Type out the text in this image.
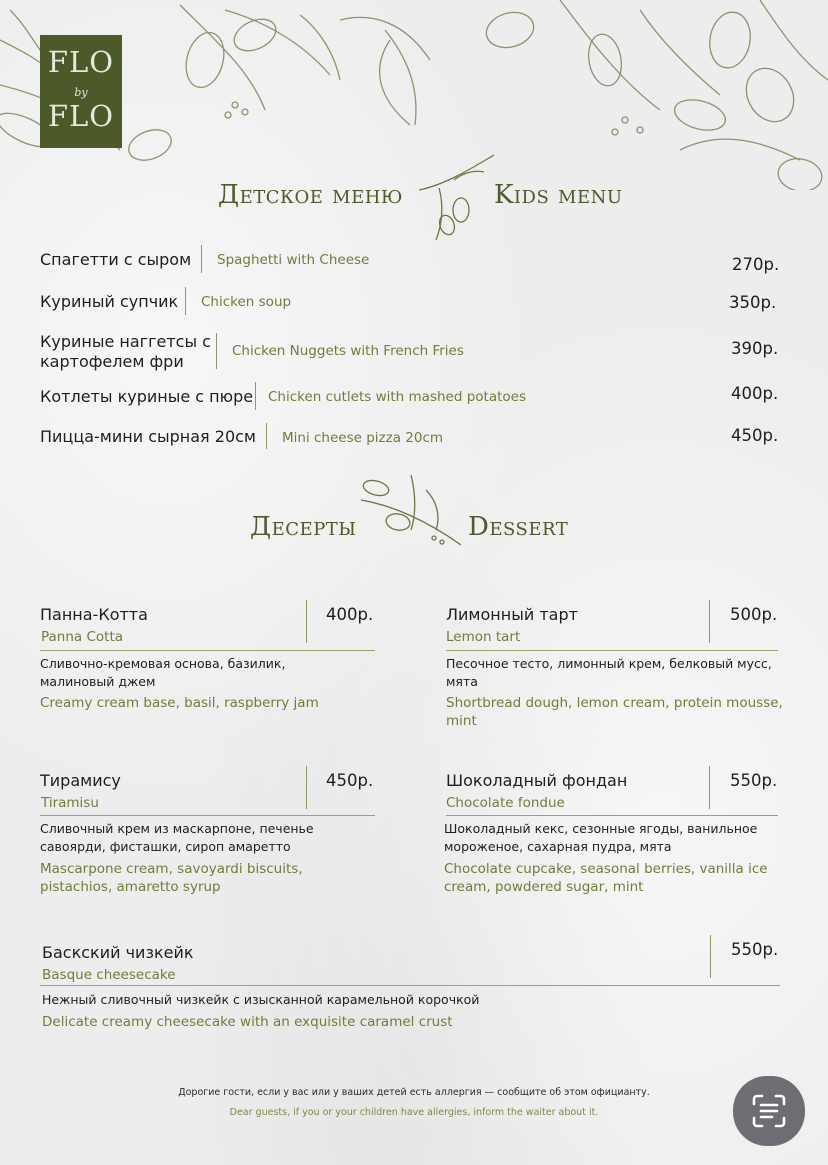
FLO
by
FLO
Детское меню	Kids menu
Спагетти с сыром Spaghetti with Cheese	270р.
Куриный супчик Chicken soup	350р.
Куриные наггетсы с
картофелем фри
Chicken Nuggets with French Fries	390р.
Котлеты куриные с пюре Chicken cutlets with mashed potatoes	400р.
Пицца-мини сырная 20см Mini cheese pizza 20cm	450р.
Десерты	Dessert
Панна-Котта
Panna Cotta
400р.
Сливочно-кремовая основа, базилик,
малиновый джем
Creamy cream base, basil, raspberry jam
Лимонный тарт
Lemon tart
500р.
Песочное тесто, лимонный крем, белковый мусс,
мята
Shortbread dough, lemon cream, protein mousse,
mint
Тирамису
Tiramisu
450р.
Сливочный крем из маскарпоне, печенье
савоярди, фисташки, сироп амаретто
Mascarpone cream, savoyardi biscuits,
pistachios, amaretto syrup
Шоколадный фондан
Chocolate fondue
550р.
Шоколадный кекс, сезонные ягоды, ванильное
мороженое, сахарная пудра, мята
Chocolate cupcake, seasonal berries, vanilla ice
cream, powdered sugar, mint
Баскский чизкейк
Basque cheesecake
550р.
Нежный сливочный чизкейк с изысканной карамельной корочкой
Delicate creamy cheesecake with an exquisite caramel crust
Дорогие гости, если у вас или у ваших детей есть аллергия — сообщите об этом официанту.
Dear guests, if you or your children have allergies, inform the waiter about it.
